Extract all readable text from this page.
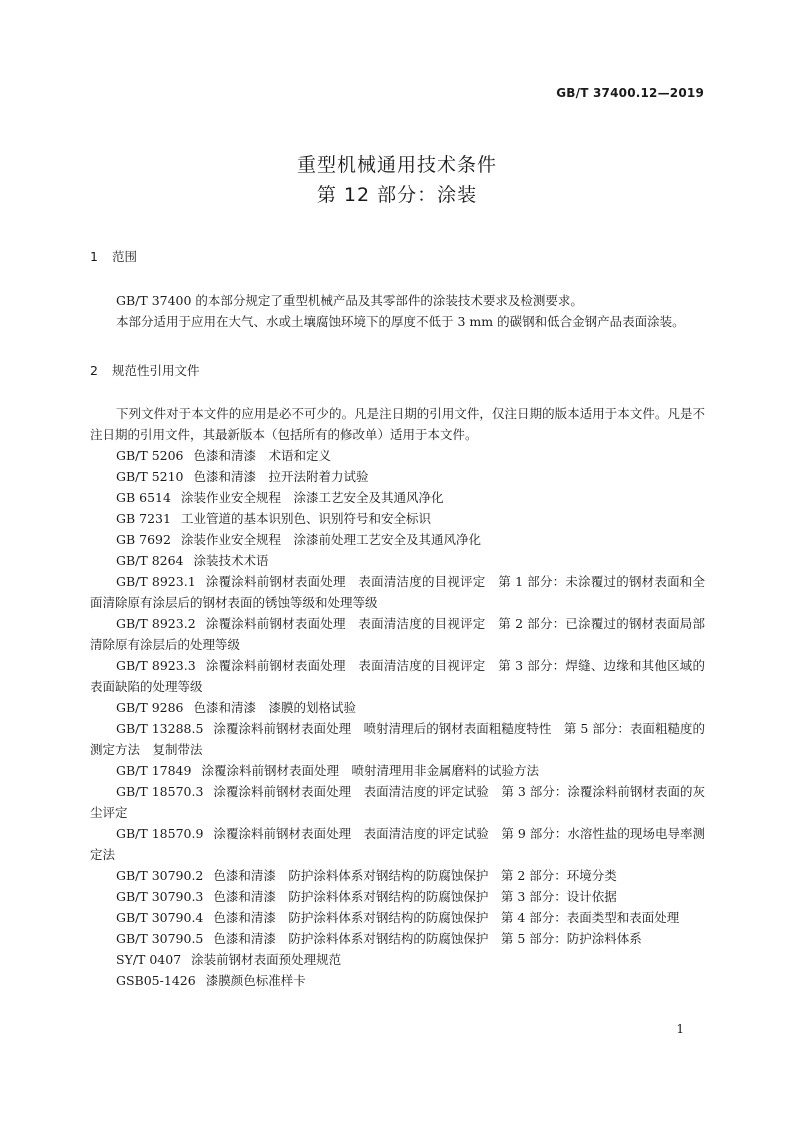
GB/T 37400.12—2019
重型机械通用技术条件
第 12 部分：涂装
1 范围

GB/T 37400 的本部分规定了重型机械产品及其零部件的涂装技术要求及检测要求。

本部分适用于应用在大气、水或土壤腐蚀环境下的厚度不低于 3 mm 的碳钢和低合金钢产品表面涂装。

2 规范性引用文件

下列文件对于本文件的应用是必不可少的。凡是注日期的引用文件，仅注日期的版本适用于本文件。凡是不注日期的引用文件，其最新版本（包括所有的修改单）适用于本文件。

GB/T 5206 色漆和清漆　术语和定义

GB/T 5210 色漆和清漆　拉开法附着力试验

GB 6514 涂装作业安全规程　涂漆工艺安全及其通风净化

GB 7231 工业管道的基本识别色、识别符号和安全标识

GB 7692 涂装作业安全规程　涂漆前处理工艺安全及其通风净化

GB/T 8264 涂装技术术语

GB/T 8923.1 涂覆涂料前钢材表面处理　表面清洁度的目视评定　第 1 部分：未涂覆过的钢材表面和全面清除原有涂层后的钢材表面的锈蚀等级和处理等级

GB/T 8923.2 涂覆涂料前钢材表面处理　表面清洁度的目视评定　第 2 部分：已涂覆过的钢材表面局部清除原有涂层后的处理等级

GB/T 8923.3 涂覆涂料前钢材表面处理　表面清洁度的目视评定　第 3 部分：焊缝、边缘和其他区域的表面缺陷的处理等级

GB/T 9286 色漆和清漆　漆膜的划格试验

GB/T 13288.5 涂覆涂料前钢材表面处理　喷射清理后的钢材表面粗糙度特性　第 5 部分：表面粗糙度的测定方法　复制带法

GB/T 17849 涂覆涂料前钢材表面处理　喷射清理用非金属磨料的试验方法

GB/T 18570.3 涂覆涂料前钢材表面处理　表面清洁度的评定试验　第 3 部分：涂覆涂料前钢材表面的灰尘评定

GB/T 18570.9 涂覆涂料前钢材表面处理　表面清洁度的评定试验　第 9 部分：水溶性盐的现场电导率测定法

GB/T 30790.2 色漆和清漆　防护涂料体系对钢结构的防腐蚀保护　第 2 部分：环境分类

GB/T 30790.3 色漆和清漆　防护涂料体系对钢结构的防腐蚀保护　第 3 部分：设计依据

GB/T 30790.4 色漆和清漆　防护涂料体系对钢结构的防腐蚀保护　第 4 部分：表面类型和表面处理

GB/T 30790.5 色漆和清漆　防护涂料体系对钢结构的防腐蚀保护　第 5 部分：防护涂料体系

SY/T 0407 涂装前钢材表面预处理规范

GSB05-1426 漆膜颜色标准样卡

1
